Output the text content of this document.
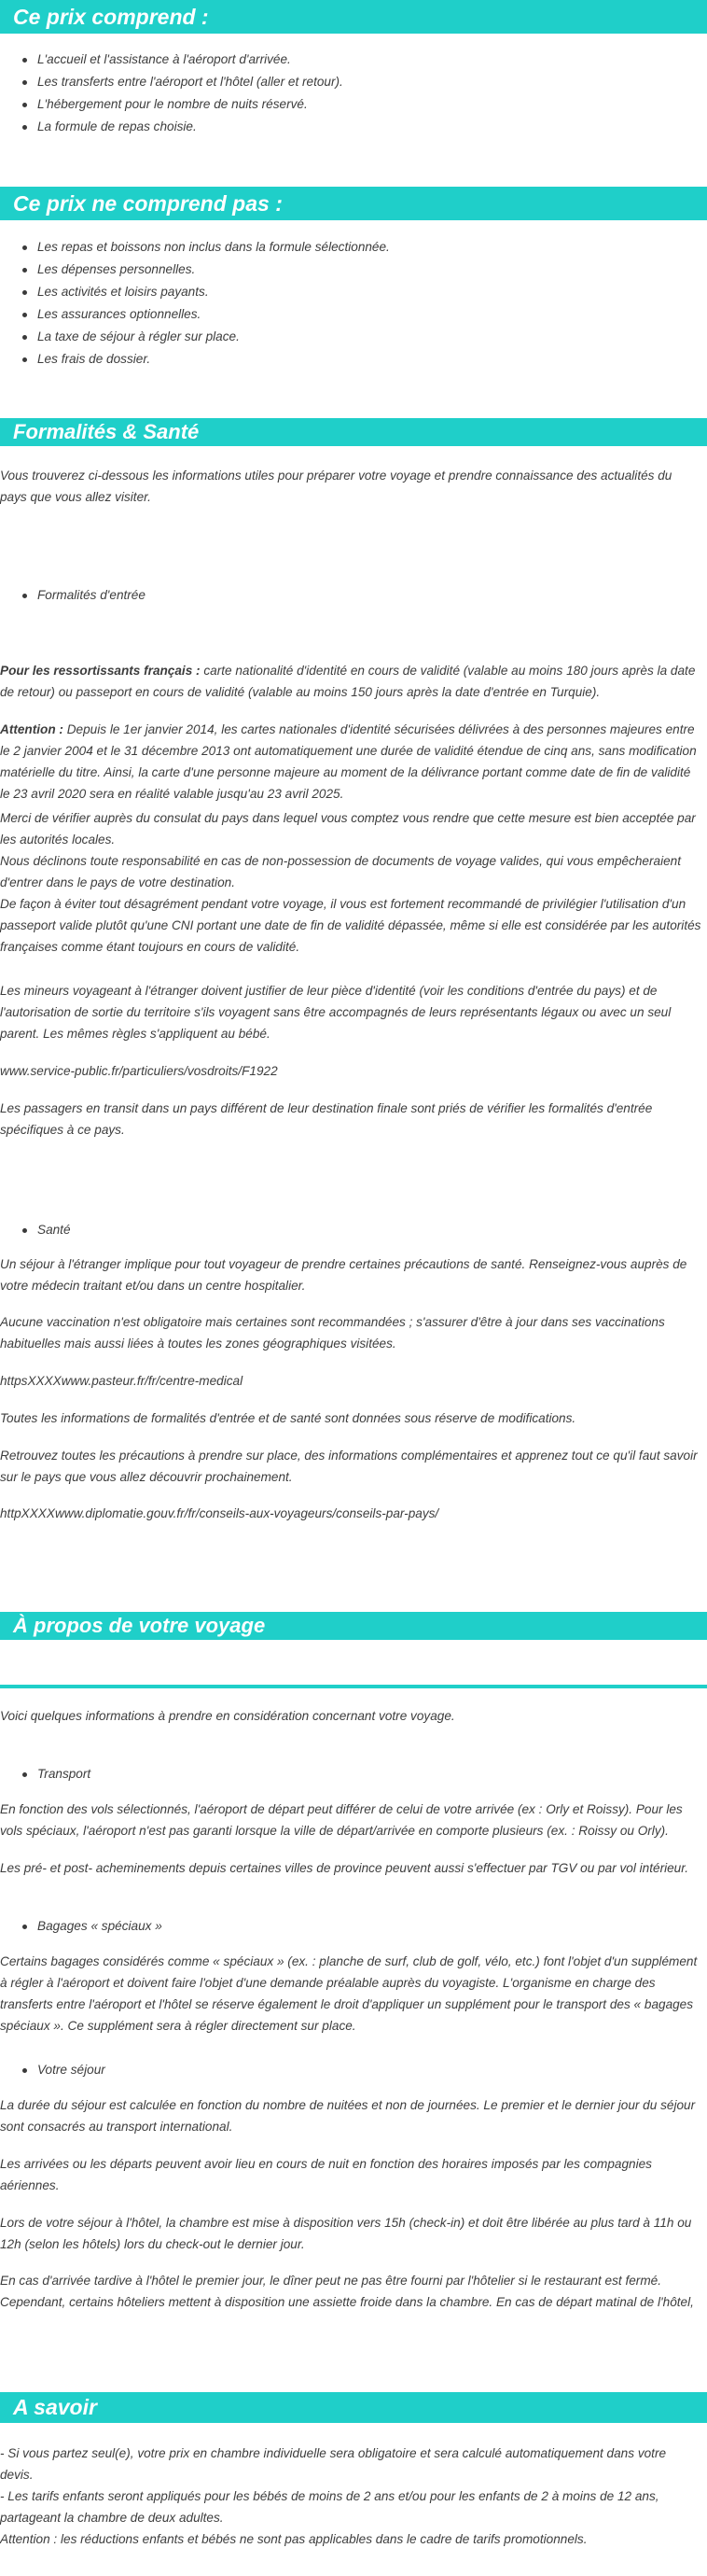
Ce prix comprend :
L'accueil et l'assistance à l'aéroport d'arrivée.
Les transferts entre l'aéroport et l'hôtel (aller et retour).
L'hébergement pour le nombre de nuits réservé.
La formule de repas choisie.
Ce prix ne comprend pas :
Les repas et boissons non inclus dans la formule sélectionnée.
Les dépenses personnelles.
Les activités et loisirs payants.
Les assurances optionnelles.
La taxe de séjour à régler sur place.
Les frais de dossier.
Formalités & Santé

Vous trouverez ci-dessous les informations utiles pour préparer votre voyage et prendre connaissance des actualités du pays que vous allez visiter.

Formalités d'entrée

Pour les ressortissants français : carte nationalité d'identité en cours de validité (valable au moins 180 jours après la date de retour) ou passeport en cours de validité (valable au moins 150 jours après la date d'entrée en Turquie).

Attention : Depuis le 1er janvier 2014, les cartes nationales d'identité sécurisées délivrées à des personnes majeures entre le 2 janvier 2004 et le 31 décembre 2013 ont automatiquement une durée de validité étendue de cinq ans, sans modification matérielle du titre. Ainsi, la carte d'une personne majeure au moment de la délivrance portant comme date de fin de validité le 23 avril 2020 sera en réalité valable jusqu'au 23 avril 2025.

Merci de vérifier auprès du consulat du pays dans lequel vous comptez vous rendre que cette mesure est bien acceptée par les autorités locales.

Nous déclinons toute responsabilité en cas de non-possession de documents de voyage valides, qui vous empêcheraient d'entrer dans le pays de votre destination.

De façon à éviter tout désagrément pendant votre voyage, il vous est fortement recommandé de privilégier l'utilisation d'un passeport valide plutôt qu'une CNI portant une date de fin de validité dépassée, même si elle est considérée par les autorités françaises comme étant toujours en cours de validité.

Les mineurs voyageant à l'étranger doivent justifier de leur pièce d'identité (voir les conditions d'entrée du pays) et de l'autorisation de sortie du territoire s'ils voyagent sans être accompagnés de leurs représentants légaux ou avec un seul parent. Les mêmes règles s'appliquent au bébé.

www.service-public.fr/particuliers/vosdroits/F1922

Les passagers en transit dans un pays différent de leur destination finale sont priés de vérifier les formalités d'entrée spécifiques à ce pays.

Santé

Un séjour à l'étranger implique pour tout voyageur de prendre certaines précautions de santé. Renseignez-vous auprès de votre médecin traitant et/ou dans un centre hospitalier.

Aucune vaccination n'est obligatoire mais certaines sont recommandées ; s'assurer d'être à jour dans ses vaccinations habituelles mais aussi liées à toutes les zones géographiques visitées.

httpsXXXXwww.pasteur.fr/fr/centre-medical

Toutes les informations de formalités d'entrée et de santé sont données sous réserve de modifications.

Retrouvez toutes les précautions à prendre sur place, des informations complémentaires et apprenez tout ce qu'il faut savoir sur le pays que vous allez découvrir prochainement.

httpXXXXwww.diplomatie.gouv.fr/fr/conseils-aux-voyageurs/conseils-par-pays/

À propos de votre voyage

Voici quelques informations à prendre en considération concernant votre voyage.

Transport

En fonction des vols sélectionnés, l'aéroport de départ peut différer de celui de votre arrivée (ex : Orly et Roissy). Pour les vols spéciaux, l'aéroport n'est pas garanti lorsque la ville de départ/arrivée en comporte plusieurs (ex. : Roissy ou Orly).

Les pré- et post- acheminements depuis certaines villes de province peuvent aussi s'effectuer par TGV ou par vol intérieur.

Bagages « spéciaux »

Certains bagages considérés comme « spéciaux » (ex. : planche de surf, club de golf, vélo, etc.) font l'objet d'un supplément à régler à l'aéroport et doivent faire l'objet d'une demande préalable auprès du voyagiste. L'organisme en charge des transferts entre l'aéroport et l'hôtel se réserve également le droit d'appliquer un supplément pour le transport des « bagages spéciaux ». Ce supplément sera à régler directement sur place.

Votre séjour

La durée du séjour est calculée en fonction du nombre de nuitées et non de journées. Le premier et le dernier jour du séjour sont consacrés au transport international.

Les arrivées ou les départs peuvent avoir lieu en cours de nuit en fonction des horaires imposés par les compagnies aériennes.

Lors de votre séjour à l'hôtel, la chambre est mise à disposition vers 15h (check-in) et doit être libérée au plus tard à 11h ou 12h (selon les hôtels) lors du check-out le dernier jour.

En cas d'arrivée tardive à l'hôtel le premier jour, le dîner peut ne pas être fourni par l'hôtelier si le restaurant est fermé. Cependant, certains hôteliers mettent à disposition une assiette froide dans la chambre. En cas de départ matinal de l'hôtel,

A savoir

- Si vous partez seul(e), votre prix en chambre individuelle sera obligatoire et sera calculé automatiquement dans votre devis.

- Les tarifs enfants seront appliqués pour les bébés de moins de 2 ans et/ou pour les enfants de 2 à moins de 12 ans, partageant la chambre de deux adultes.

Attention : les réductions enfants et bébés ne sont pas applicables dans le cadre de tarifs promotionnels.
